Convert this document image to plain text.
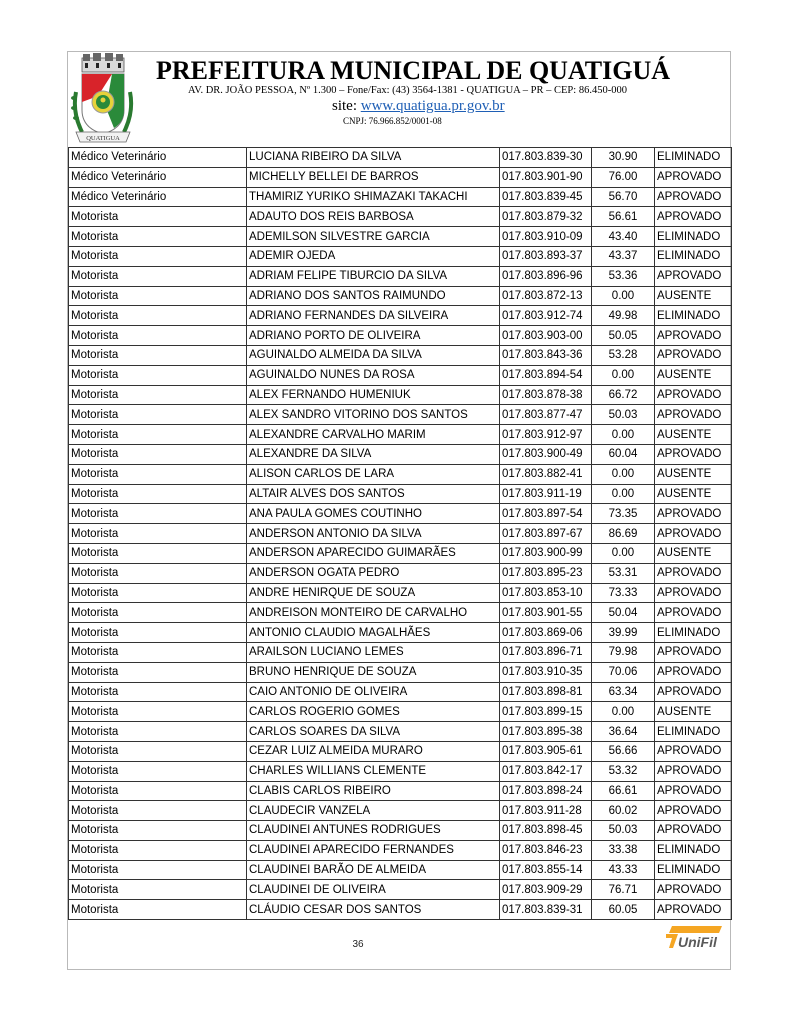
QUATIGUA
PREFEITURA MUNICIPAL DE QUATIGUÁ
AV. DR. JOÃO PESSOA, Nº 1.300 – Fone/Fax: (43) 3564-1381 - QUATIGUA – PR – CEP: 86.450-000
site: www.quatigua.pr.gov.br
CNPJ: 76.966.852/0001-08
Médico Veterinário	LUCIANA RIBEIRO DA SILVA	017.803.839-30	30.90	ELIMINADO
Médico Veterinário	MICHELLY BELLEI DE BARROS	017.803.901-90	76.00	APROVADO
Médico Veterinário	THAMIRIZ YURIKO SHIMAZAKI TAKACHI	017.803.839-45	56.70	APROVADO
Motorista	ADAUTO DOS REIS BARBOSA	017.803.879-32	56.61	APROVADO
Motorista	ADEMILSON SILVESTRE GARCIA	017.803.910-09	43.40	ELIMINADO
Motorista	ADEMIR OJEDA	017.803.893-37	43.37	ELIMINADO
Motorista	ADRIAM FELIPE TIBURCIO DA SILVA	017.803.896-96	53.36	APROVADO
Motorista	ADRIANO DOS SANTOS RAIMUNDO	017.803.872-13	0.00	AUSENTE
Motorista	ADRIANO FERNANDES DA SILVEIRA	017.803.912-74	49.98	ELIMINADO
Motorista	ADRIANO PORTO DE OLIVEIRA	017.803.903-00	50.05	APROVADO
Motorista	AGUINALDO ALMEIDA DA SILVA	017.803.843-36	53.28	APROVADO
Motorista	AGUINALDO NUNES DA ROSA	017.803.894-54	0.00	AUSENTE
Motorista	ALEX FERNANDO HUMENIUK	017.803.878-38	66.72	APROVADO
Motorista	ALEX SANDRO VITORINO DOS SANTOS	017.803.877-47	50.03	APROVADO
Motorista	ALEXANDRE CARVALHO MARIM	017.803.912-97	0.00	AUSENTE
Motorista	ALEXANDRE DA SILVA	017.803.900-49	60.04	APROVADO
Motorista	ALISON CARLOS DE LARA	017.803.882-41	0.00	AUSENTE
Motorista	ALTAIR ALVES DOS SANTOS	017.803.911-19	0.00	AUSENTE
Motorista	ANA PAULA GOMES COUTINHO	017.803.897-54	73.35	APROVADO
Motorista	ANDERSON ANTONIO DA SILVA	017.803.897-67	86.69	APROVADO
Motorista	ANDERSON APARECIDO GUIMARÃES	017.803.900-99	0.00	AUSENTE
Motorista	ANDERSON OGATA PEDRO	017.803.895-23	53.31	APROVADO
Motorista	ANDRE HENIRQUE DE SOUZA	017.803.853-10	73.33	APROVADO
Motorista	ANDREISON MONTEIRO DE CARVALHO	017.803.901-55	50.04	APROVADO
Motorista	ANTONIO CLAUDIO MAGALHÃES	017.803.869-06	39.99	ELIMINADO
Motorista	ARAILSON LUCIANO LEMES	017.803.896-71	79.98	APROVADO
Motorista	BRUNO HENRIQUE DE SOUZA	017.803.910-35	70.06	APROVADO
Motorista	CAIO ANTONIO DE OLIVEIRA	017.803.898-81	63.34	APROVADO
Motorista	CARLOS ROGERIO GOMES	017.803.899-15	0.00	AUSENTE
Motorista	CARLOS SOARES DA SILVA	017.803.895-38	36.64	ELIMINADO
Motorista	CEZAR LUIZ ALMEIDA MURARO	017.803.905-61	56.66	APROVADO
Motorista	CHARLES WILLIANS CLEMENTE	017.803.842-17	53.32	APROVADO
Motorista	CLABIS CARLOS RIBEIRO	017.803.898-24	66.61	APROVADO
Motorista	CLAUDECIR VANZELA	017.803.911-28	60.02	APROVADO
Motorista	CLAUDINEI ANTUNES RODRIGUES	017.803.898-45	50.03	APROVADO
Motorista	CLAUDINEI APARECIDO FERNANDES	017.803.846-23	33.38	ELIMINADO
Motorista	CLAUDINEI BARÃO DE ALMEIDA	017.803.855-14	43.33	ELIMINADO
Motorista	CLAUDINEI DE OLIVEIRA	017.803.909-29	76.71	APROVADO
Motorista	CLÁUDIO CESAR DOS SANTOS	017.803.839-31	60.05	APROVADO
36	UniFil
